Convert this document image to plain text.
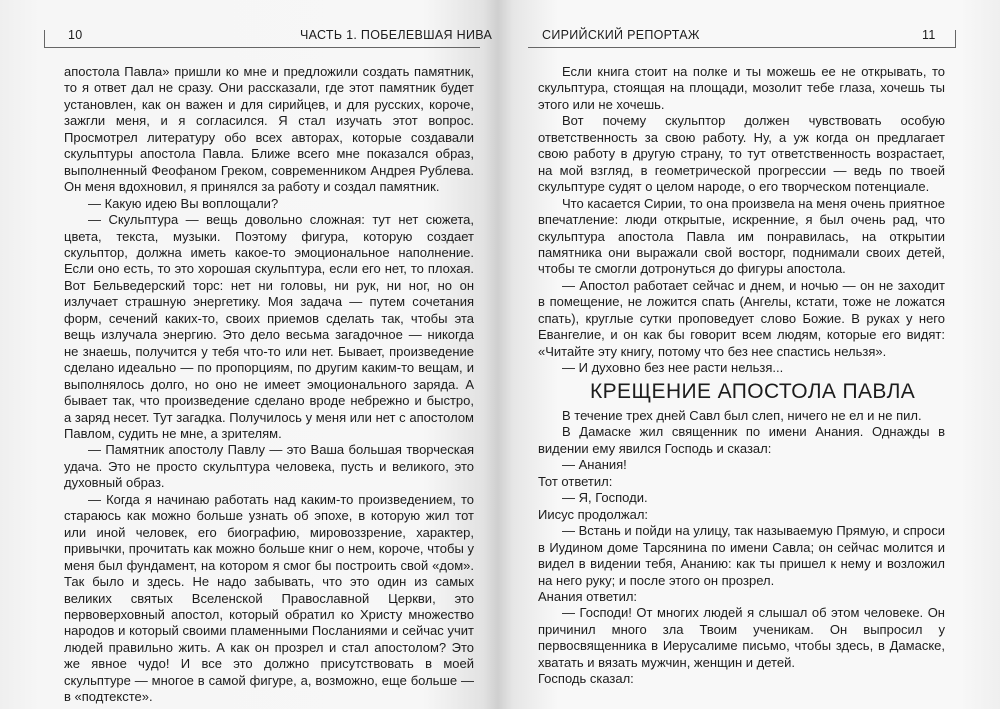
10	ЧАСТЬ 1. ПОБЕЛЕВШАЯ НИВА

апостола Павла» пришли ко мне и предложили создать памятник, то я ответ дал не сразу. Они рассказали, где этот памятник будет установлен, как он важен и для сирийцев, и для русских, короче, зажгли меня, и я согласился. Я стал изучать этот вопрос. Просмотрел литературу обо всех авторах, которые создавали скульптуры апостола Павла. Ближе всего мне показался образ, выполненный Феофаном Греком, современником Андрея Рублева. Он меня вдохновил, я принялся за работу и создал памятник.

— Какую идею Вы воплощали?

— Скульптура — вещь довольно сложная: тут нет сюжета, цвета, текста, музыки. Поэтому фигура, которую создает скульптор, должна иметь какое-то эмоциональное наполнение. Если оно есть, то это хорошая скульптура, если его нет, то плохая. Вот Бельведерский торс: нет ни головы, ни рук, ни ног, но он излучает страшную энергетику. Моя задача — путем сочетания форм, сечений каких-то, своих приемов сделать так, чтобы эта вещь излучала энергию. Это дело весьма загадочное — никогда не знаешь, получится у тебя что-то или нет. Бывает, произведение сделано идеально — по пропорциям, по другим каким-то вещам, и выполнялось долго, но оно не имеет эмоционального заряда. А бывает так, что произведение сделано вроде небрежно и быстро, а заряд несет. Тут загадка. Получилось у меня или нет с апостолом Павлом, судить не мне, а зрителям.

— Памятник апостолу Павлу — это Ваша большая творческая удача. Это не просто скульптура человека, пусть и великого, это духовный образ.

— Когда я начинаю работать над каким-то произведением, то стараюсь как можно больше узнать об эпохе, в которую жил тот или иной человек, его биографию, мировоззрение, характер, привычки, прочитать как можно больше книг о нем, короче, чтобы у меня был фундамент, на котором я смог бы построить свой «дом». Так было и здесь. Не надо забывать, что это один из самых великих святых Вселенской Православной Церкви, это первоверховный апостол, который обратил ко Христу множество народов и который своими пламенными Посланиями и сейчас учит людей правильно жить. А как он прозрел и стал апостолом? Это же явное чудо! И все это должно присутствовать в моей скульптуре — многое в самой фигуре, а, возможно, еще больше — в «подтексте».

СИРИЙСКИЙ РЕПОРТАЖ	11

Если книга стоит на полке и ты можешь ее не открывать, то скульптура, стоящая на площади, мозолит тебе глаза, хочешь ты этого или не хочешь.

Вот почему скульптор должен чувствовать особую ответственность за свою работу. Ну, а уж когда он предлагает свою работу в другую страну, то тут ответственность возрастает, на мой взгляд, в геометрической прогрессии — ведь по твоей скульптуре судят о целом народе, о его творческом потенциале.

Что касается Сирии, то она произвела на меня очень приятное впечатление: люди открытые, искренние, я был очень рад, что скульптура апостола Павла им понравилась, на открытии памятника они выражали свой восторг, поднимали своих детей, чтобы те смогли дотронуться до фигуры апостола.

— Апостол работает сейчас и днем, и ночью — он не заходит в помещение, не ложится спать (Ангелы, кстати, тоже не ложатся спать), круглые сутки проповедует слово Божие. В руках у него Евангелие, и он как бы говорит всем людям, которые его видят: «Читайте эту книгу, потому что без нее спастись нельзя».

— И духовно без нее расти нельзя...

КРЕЩЕНИЕ АПОСТОЛА ПАВЛА

В течение трех дней Савл был слеп, ничего не ел и не пил.

В Дамаске жил священник по имени Анания. Однажды в видении ему явился Господь и сказал:

— Анания!

Тот ответил:

— Я, Господи.

Иисус продолжал:

— Встань и пойди на улицу, так называемую Прямую, и спроси в Иудином доме Тарсянина по имени Савла; он сейчас молится и видел в видении тебя, Ананию: как ты пришел к нему и возложил на него руку; и после этого он прозрел.

Анания ответил:

— Господи! От многих людей я слышал об этом человеке. Он причинил много зла Твоим ученикам. Он выпросил у первосвященника в Иерусалиме письмо, чтобы здесь, в Дамаске, хватать и вязать мужчин, женщин и детей.

Господь сказал:
